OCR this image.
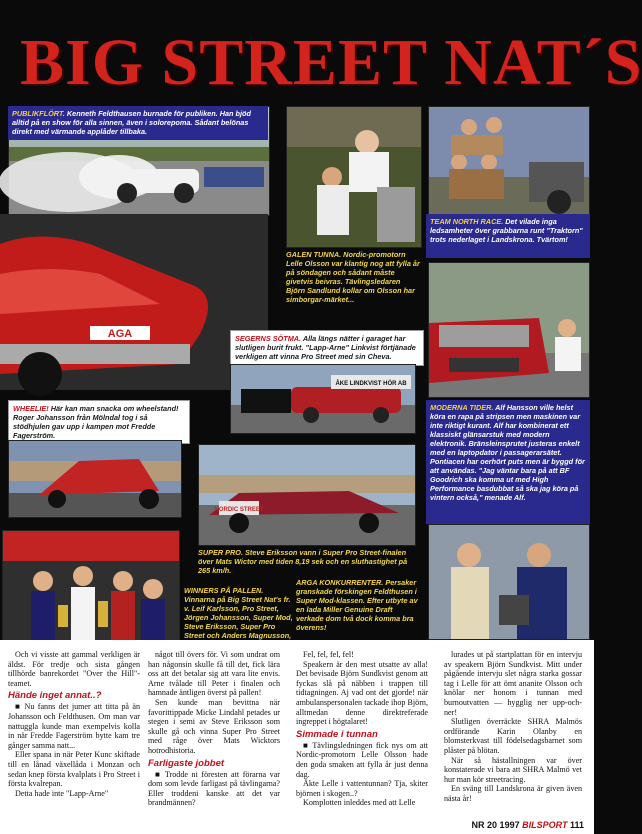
BIG STREET NAT´S
PUBLIKFLÖRT. Kenneth Feldthausen burnade för publiken. Han bjöd alltid på en show för alla sinnen, även i solorepoma. Sådant belönas direkt med värmande applåder tillbaka.
AGA
GALEN TUNNA. Nordic-promotorn Lelle Olsson var klantig nog att fylla år på söndagen och sådant måste givetvis beivras. Tävlingsledaren Björn Sandlund kollar om Olsson har simborgar-märket...
TEAM NORTH RACE. Det vilade inga ledsamheter över grabbarna runt "Traktorn" trots nederlaget i Landskrona. Tvärtom!
SEGERNS SÖTMA. Alla längs nätter i garaget har slutligen burit frukt. "Lapp-Arne" Linkvist förtjänade verkligen att vinna Pro Street med sin Cheva.
ÅKE LINDKVIST HÖR AB
WHEELIE! Här kan man snacka om wheelstand! Roger Johansson från Mölndal tog i så stödhjulen gav upp i kampen mot Fredde Fagerström.
NORDIC STREET
SUPER PRO. Steve Eriksson vann i Super Pro Street-finalen över Mats Wictor med tiden 8,19 sek och en sluthastighet på 265 km/h.
MODERNA TIDER. Alf Hansson ville helst köra en rapa på stripsen men maskinen var inte riktigt kurant. Alf har kombinerat ett klassiskt glänsarstuk med modern elektronik. Bränsleinsprutet justeras enkelt med en laptopdator i passagerarsätet. Pontiacen har oerhört puts men är byggd för att användas. "Jag väntar bara på att BF Goodrich ska komma ut med High Performance basdubbat så ska jag köra på vintern också," menade Alf.
WINNERS PÅ PALLEN. Vinnarna på Big Street Nat's fr. v. Leif Karlsson, Pro Street, Jörgen Johansson, Super Mod, Steve Eriksson, Super Pro Street och Anders Magnusson,
ARGA KONKURRENTER. Persaker granskade förskingen Feldthusen i Super Mod-klassen. Efter utbyte av en lada Miller Genuine Draft verkade dom två dock komma bra överens!

Och vi visste att gammal verkligen är äldst. För tredje och sista gången tillhörde banrekordet "Over the Hill"-teamet.

Hände inget annat..?

■ Nu fanns det jumer att titta på än Johansson och Feldthusen. Om man var nattuggla kunde man exempelvis kolla in när Fredde Fagerström bytte kam tre gånger samma natt...

Eller spana in när Peter Kunc skiftade till en lånad växellåda i Monzan och sedan knep första kvalplats i Pro Street i första kvalrepan.

Detta hade inte "Lapp-Arne"

något till övers för. Vi som undrat om han någonsin skulle få till det, fick lära oss att det betalar sig att vara lite envis. Arne tvålade till Peter i finalen och hamnade äntligen överst på pallen!

Sen kunde man bevittna när favorittippade Micke Lindahl petades ur stegen i semi av Steve Eriksson som skulle gå och vinna Super Pro Street med råge över Mats Wicktors hotrodhistoria.

Farligaste jobbet

■ Trodde ni föresten att förarna var dom som levde farligast på tävlingarna? Eller troddeni kanske att det var brandmännen?

Fel, fel, fel, fel!

Speakern är den mest utsatte av alla! Det bevisade Björn Sundkvist genom att fyckas slå på näbben i trappen till tidtagningen. Aj vad ont det gjorde! när ambulanspersonalen tackade ihop Björn, alltmedan denne direktreferade ingreppet i högtalaret!

Simmade i tunnan

■ Tävlingsledningen fick nys om att Nordic-promotorn Lelle Olsson hade den goda smaken att fylla år just denna dag.

Åkte Lelle i vattentunnan? Tja, skiter björnen i skogen..?

Komplotten inleddes med att Lelle

lurades ut på startplattan för en intervju av speakern Björn Sundkvist. Mitt under pågående intervju slet några starka gossar tag i Lelle för att ömt ananite Olsson och knölar ner honom i tunnan med burnoutvatten — hygglig ner upp-och-ner!

Slutligen överräckte SHRA Malmös ordförande Karin Olanby en blomsterkvast till födelsedagsbarnet som plåster på blötan.

När så hästallningen var över konstaterade vi bara att SHRA Malmö vet hur man kör streetracing.

En sväng till Landskrona är given även nästa år!

NR 20 1997 BILSPORT 111
